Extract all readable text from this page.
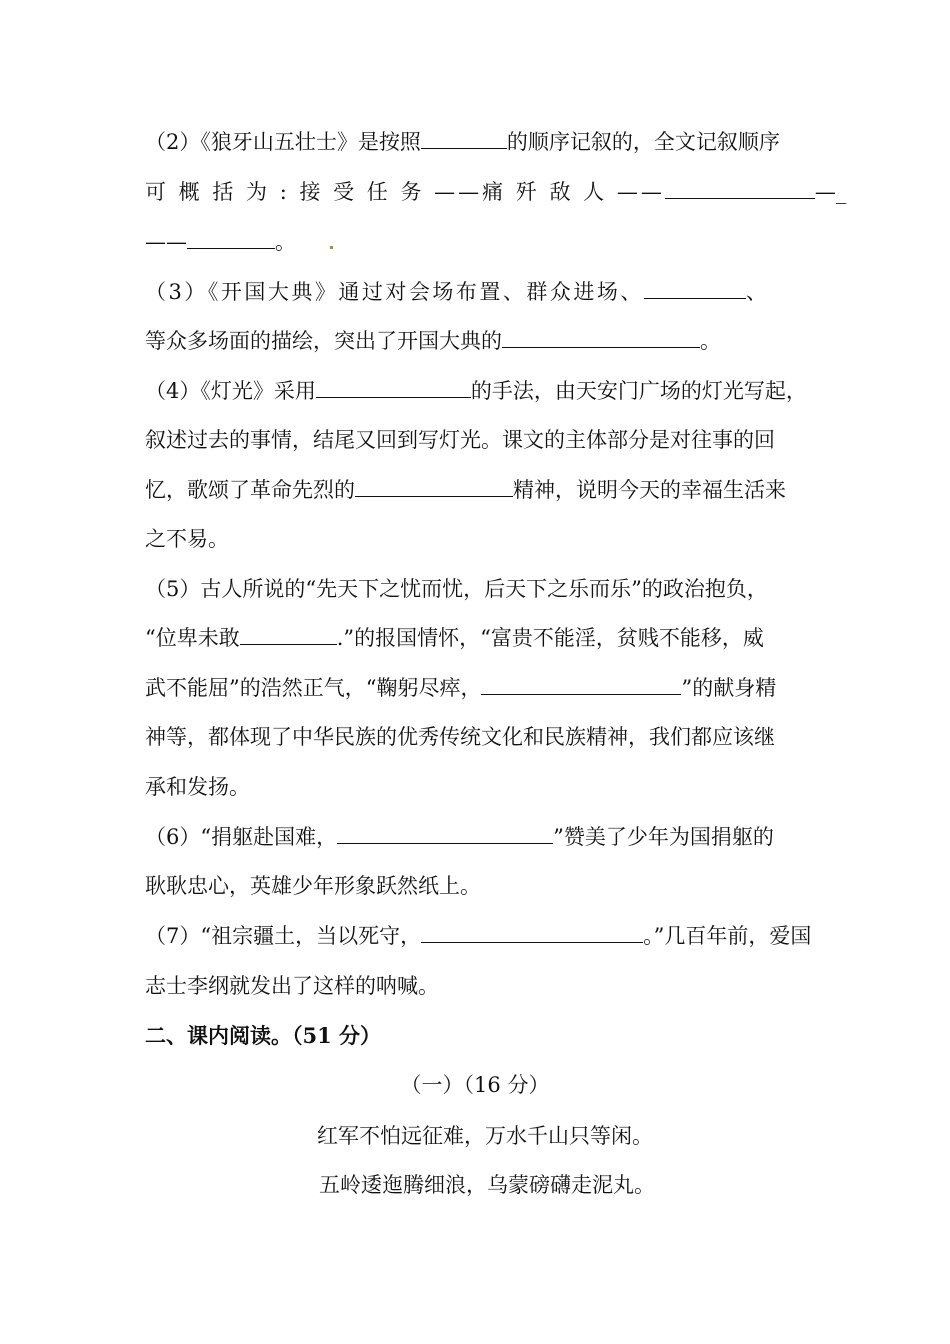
（2）《狼牙山五壮士》是按照	的顺序记叙的，全文记叙顺序
可 概 括 为 : 接 受 任 务 ——痛 歼 敌 人 ——	—_
——	。
（3）《开国大典》通过对会场布置、群众进场、	、
等众多场面的描绘，突出了开国大典的	。
（4）《灯光》采用	的手法，由天安门广场的灯光写起，
叙述过去的事情，结尾又回到写灯光。课文的主体部分是对往事的回
忆，歌颂了革命先烈的	精神，说明今天的幸福生活来
之不易。
（5）古人所说的“先天下之忧而忧，后天下之乐而乐”的政治抱负，
“位卑未敢	.”的报国情怀，“富贵不能淫，贫贱不能移，威
武不能屈”的浩然正气，“鞠躬尽瘁，	”的献身精
神等，都体现了中华民族的优秀传统文化和民族精神，我们都应该继
承和发扬。
（6）“捐躯赴国难，	”赞美了少年为国捐躯的
耿耿忠心，英雄少年形象跃然纸上。
（7）“祖宗疆土，当以死守，	。”几百年前，爱国
志士李纲就发出了这样的呐喊。
二、课内阅读。（51 分）
（一）（16 分）
红军不怕远征难，万水千山只等闲。
五岭逶迤腾细浪，乌蒙磅礴走泥丸。
